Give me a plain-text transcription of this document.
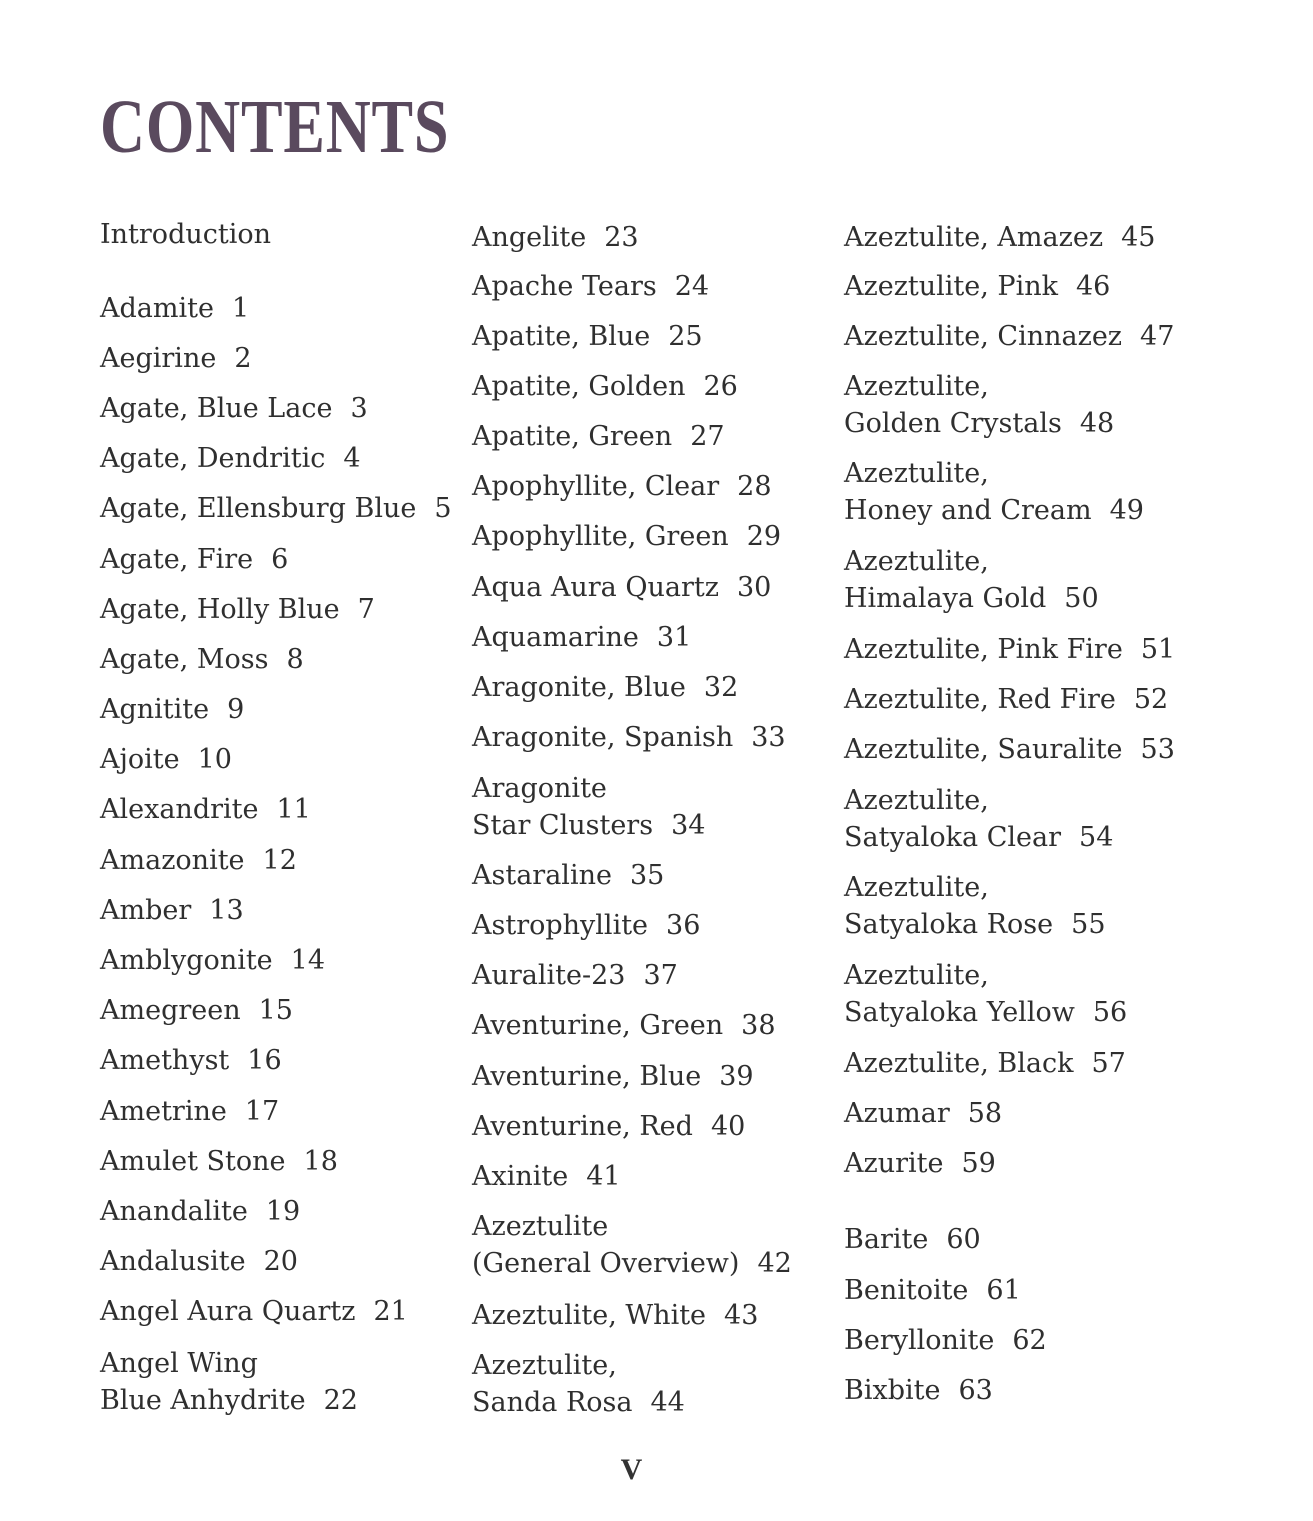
CONTENTS
Introduction
Adamite 1
Aegirine 2
Agate, Blue Lace 3
Agate, Dendritic 4
Agate, Ellensburg Blue 5
Agate, Fire 6
Agate, Holly Blue 7
Agate, Moss 8
Agnitite 9
Ajoite 10
Alexandrite 11
Amazonite 12
Amber 13
Amblygonite 14
Amegreen 15
Amethyst 16
Ametrine 17
Amulet Stone 18
Anandalite 19
Andalusite 20
Angel Aura Quartz 21
Angel Wing
Blue Anhydrite 22
Angelite 23
Apache Tears 24
Apatite, Blue 25
Apatite, Golden 26
Apatite, Green 27
Apophyllite, Clear 28
Apophyllite, Green 29
Aqua Aura Quartz 30
Aquamarine 31
Aragonite, Blue 32
Aragonite, Spanish 33
Aragonite
Star Clusters 34
Astaraline 35
Astrophyllite 36
Auralite-23 37
Aventurine, Green 38
Aventurine, Blue 39
Aventurine, Red 40
Axinite 41
Azeztulite
(General Overview) 42
Azeztulite, White 43
Azeztulite,
Sanda Rosa 44
Azeztulite, Amazez 45
Azeztulite, Pink 46
Azeztulite, Cinnazez 47
Azeztulite,
Golden Crystals 48
Azeztulite,
Honey and Cream 49
Azeztulite,
Himalaya Gold 50
Azeztulite, Pink Fire 51
Azeztulite, Red Fire 52
Azeztulite, Sauralite 53
Azeztulite,
Satyaloka Clear 54
Azeztulite,
Satyaloka Rose 55
Azeztulite,
Satyaloka Yellow 56
Azeztulite, Black 57
Azumar 58
Azurite 59
Barite 60
Benitoite 61
Beryllonite 62
Bixbite 63
V
